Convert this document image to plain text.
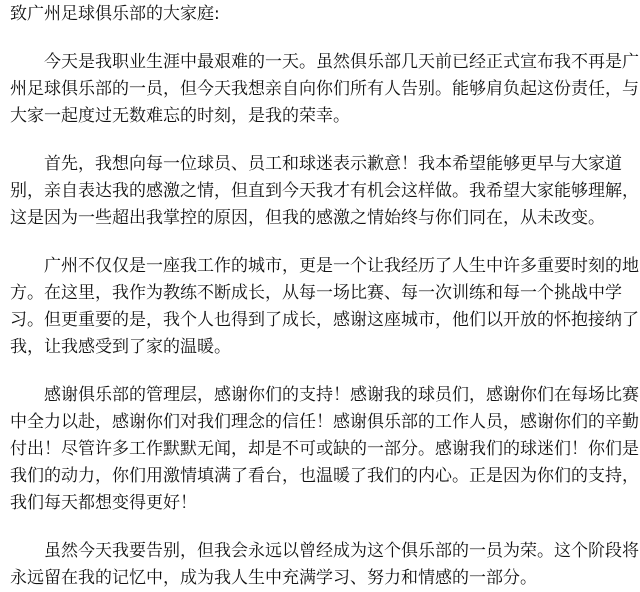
致广州足球俱乐部的大家庭:

今天是我职业生涯中最艰难的一天。虽然俱乐部几天前已经正式宣布我不再是广
州足球俱乐部的一员，但今天我想亲自向你们所有人告别。能够肩负起这份责任，与
大家一起度过无数难忘的时刻，是我的荣幸。
首先，我想向每一位球员、员工和球迷表示歉意！我本希望能够更早与大家道
别，亲自表达我的感激之情，但直到今天我才有机会这样做。我希望大家能够理解，
这是因为一些超出我掌控的原因，但我的感激之情始终与你们同在，从未改变。
广州不仅仅是一座我工作的城市，更是一个让我经历了人生中许多重要时刻的地
方。在这里，我作为教练不断成长，从每一场比赛、每一次训练和每一个挑战中学
习。但更重要的是，我个人也得到了成长，感谢这座城市，他们以开放的怀抱接纳了
我，让我感受到了家的温暖。
感谢俱乐部的管理层，感谢你们的支持！感谢我的球员们，感谢你们在每场比赛
中全力以赴，感谢你们对我们理念的信任！感谢俱乐部的工作人员，感谢你们的辛勤
付出！尽管许多工作默默无闻，却是不可或缺的一部分。感谢我们的球迷们！你们是
我们的动力，你们用激情填满了看台，也温暖了我们的内心。正是因为你们的支持，
我们每天都想变得更好！
虽然今天我要告别，但我会永远以曾经成为这个俱乐部的一员为荣。这个阶段将
永远留在我的记忆中，成为我人生中充满学习、努力和情感的一部分。
